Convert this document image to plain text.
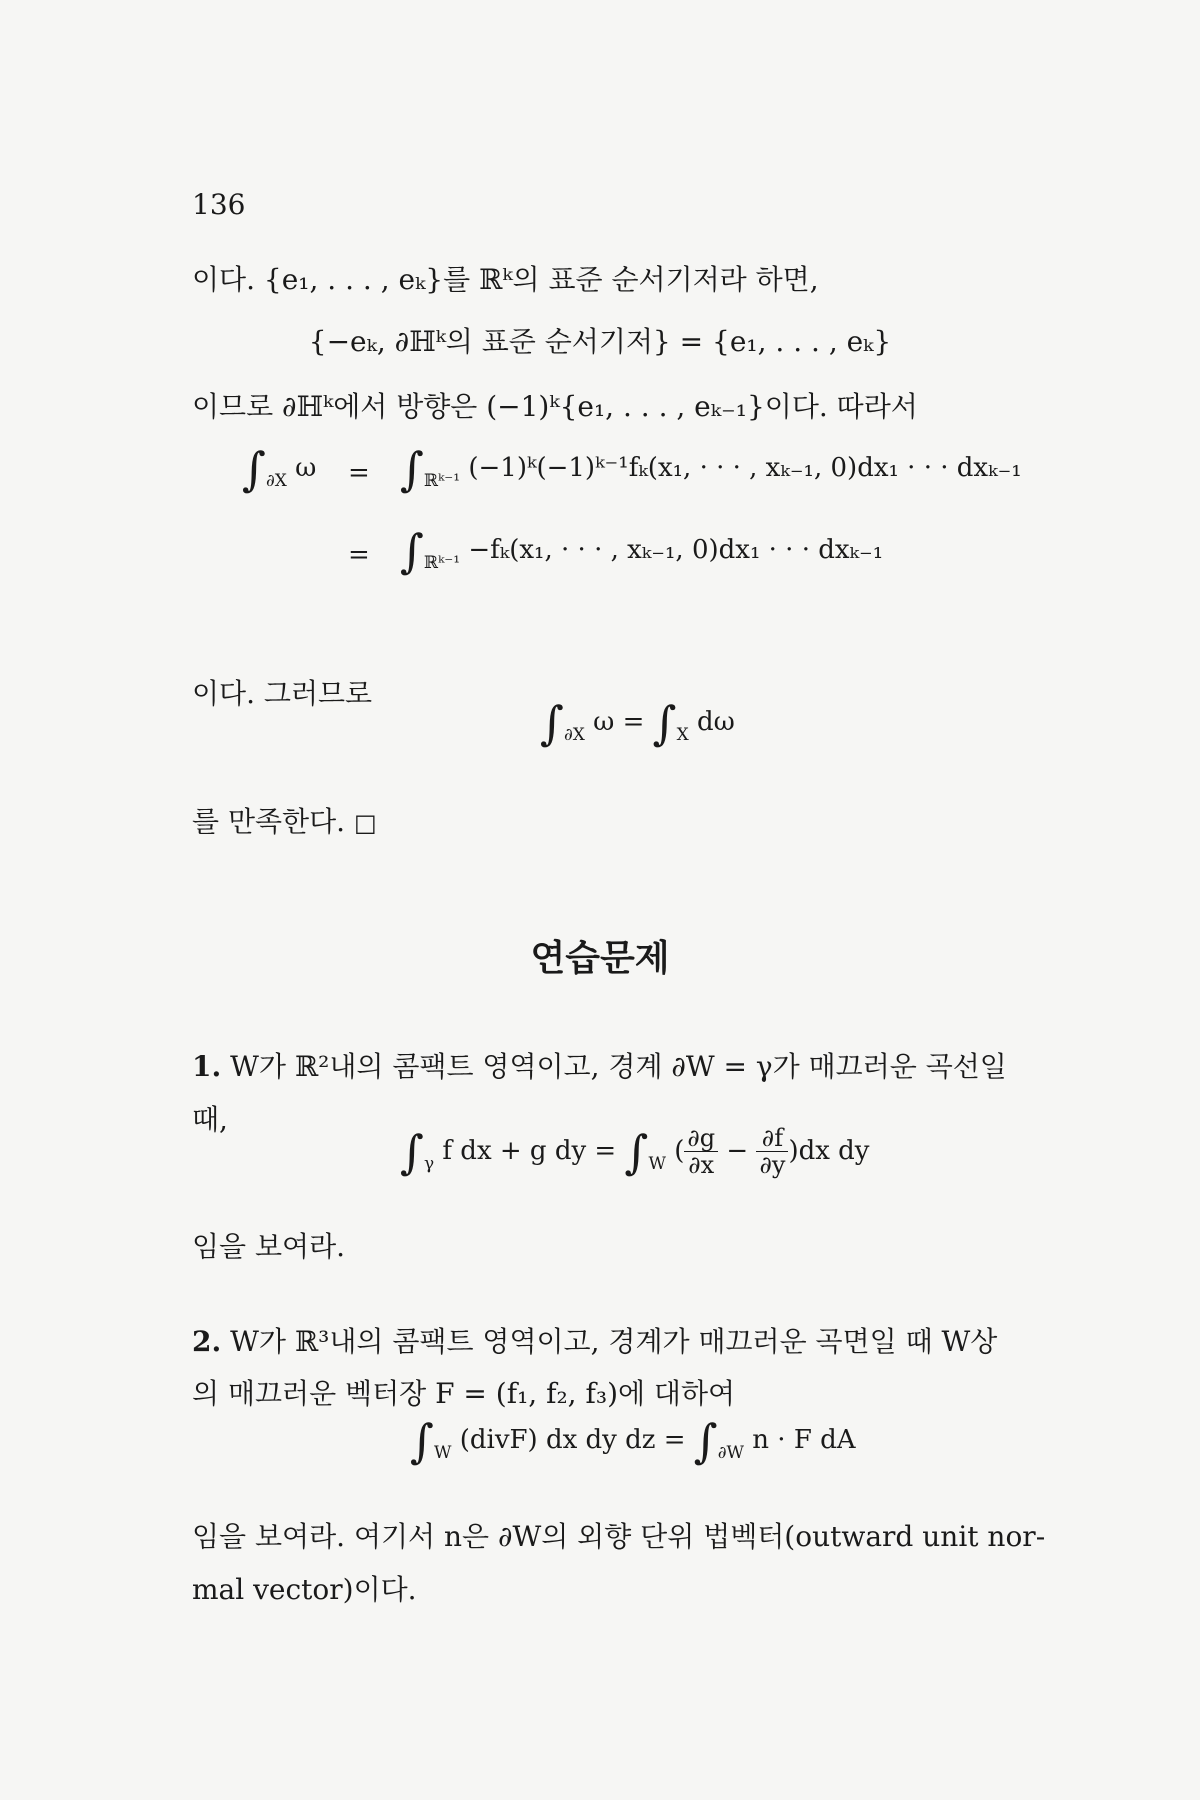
136
이다. {e₁, . . . , eₖ}를 ℝᵏ의 표준 순서기저라 하면,
{−eₖ, ∂ℍᵏ의 표준 순서기저} = {e₁, . . . , eₖ}
이므로 ∂ℍᵏ에서 방향은 (−1)ᵏ{e₁, . . . , eₖ₋₁}이다. 따라서
$\int_{\partial X}$ $\omega = \int_{ℝᵏ^{-1}}$ (−1)ᵏ(−1)ᵏ⁻¹fₖ(x₁, · · · , xₖ₋₁, 0)dx₁ · · · dxₖ₋₁
= $\int_{ℝᵏ^{-1}} -f_k(x_1$, · · · , xₖ₋₁, 0)dx₁ · · · dxₖ₋₁
이다. 그러므로
$\int_{\partial X}$ $\omega = \int_X$ dω
를 만족한다. □
연습문제
1. W가 ℝ²내의 콤팩트 영역이고, 경계 ∂W = γ가 매끄러운 곡선일
때,
$\int_\gamma$ f dx + g dy = $\int_W$ ( $\frac{\partial g}{\partial x} - \frac{\partial f}{\partial y} )dx$ dy
임을 보여라.
2. W가 ℝ³내의 콤팩트 영역이고, 경계가 매끄러운 곡면일 때 W상
의 매끄러운 벡터장 F = (f₁, f₂, f₃)에 대하여
$\int_W$ (divF) dx dy dz = $\int_{\partial W}$ n · F dA
임을 보여라. 여기서 n은 ∂W의 외향 단위 법벡터(outward unit nor-
mal vector)이다.
